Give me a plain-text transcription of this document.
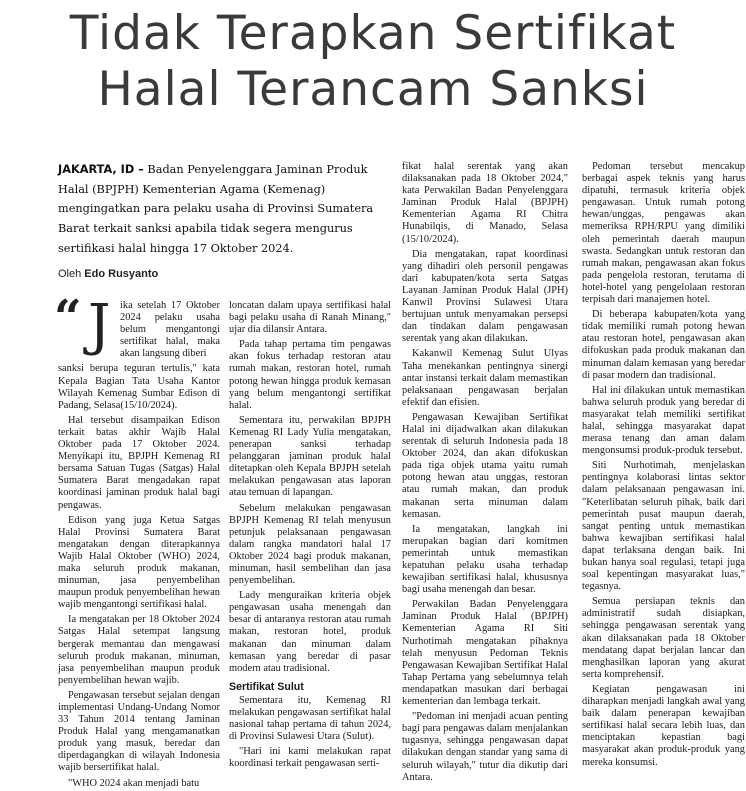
Tidak Terapkan Sertifikat
Halal Terancam Sanksi
JAKARTA, ID – Badan Penyelenggara Jaminan Produk Halal (BPJPH) Kementerian Agama (Kemenag) mengingatkan para pelaku usaha di Provinsi Sumatera Barat terkait sanksi apabila tidak segera mengurus sertifikasi halal hingga 17 Oktober 2024.
Oleh Edo Rusyanto
“ J ika setelah 17 Oktober 2024 pelaku usaha belum mengantongi sertifikat halal, maka akan langsung diberi

sanksi berupa teguran tertulis," kata Kepala Bagian Tata Usaha Kantor Wilayah Kemenag Sumbar Edison di Padang, Selasa(15/10/2024).

Hal tersebut disampaikan Edison terkait batas akhir Wajib Halal Oktober pada 17 Oktober 2024. Menyikapi itu, BPJPH Kemenag RI bersama Satuan Tugas (Satgas) Halal Sumatera Barat mengadakan rapat koordinasi jaminan produk halal bagi pengawas.

Edison yang juga Ketua Satgas Halal Provinsi Sumatera Barat mengatakan dengan diterapkannya Wajib Halal Oktober (WHO) 2024, maka seluruh produk makanan, minuman, jasa penyembelihan maupun produk penyembelihan hewan wajib mengantongi sertifikasi halal.

Ia mengatakan per 18 Oktober 2024 Satgas Halal setempat langsung bergerak memantau dan mengawasi seluruh produk makanan, minuman, jasa penyembelihan maupun produk penyembelihan hewan wajib.

Pengawasan tersebut sejalan dengan implementasi Undang-Undang Nomor 33 Tahun 2014 tentang Jaminan Produk Halal yang mengamanatkan produk yang masuk, beredar dan diperdagangkan di wilayah Indonesia wajib bersertifikat halal.

"WHO 2024 akan menjadi batu

loncatan dalam upaya sertifikasi halal bagi pelaku usaha di Ranah Minang," ujar dia dilansir Antara.

Pada tahap pertama tim pengawas akan fokus terhadap restoran atau rumah makan, restoran hotel, rumah potong hewan hingga produk kemasan yang belum mengantongi sertifikat halal.

Sementara itu, perwakilan BPJPH Kemenag RI Lady Yulia mengatakan, penerapan sanksi terhadap pelanggaran jaminan produk halal ditetapkan oleh Kepala BPJPH setelah melakukan pengawasan atas laporan atau temuan di lapangan.

Sebelum melakukan pengawasan BPJPH Kemenag RI telah menyusun petunjuk pelaksanaan pengawasan dalam rangka mandatori halal 17 Oktober 2024 bagi produk makanan, minuman, hasil sembelihan dan jasa penyembelihan.

Lady menguraikan kriteria objek pengawasan usaha menengah dan besar di antaranya restoran atau rumah makan, restoran hotel, produk makanan dan minuman dalam kemasan yang beredar di pasar modern atau tradisional.

Sertifikat Sulut

Sementara itu, Kemenag RI melakukan pengawasan sertifikat halal nasional tahap pertama di tahun 2024, di Provinsi Sulawesi Utara (Sulut).

"Hari ini kami melakukan rapat koordinasi terkait pengawasan serti-

fikat halal serentak yang akan dilaksanakan pada 18 Oktober 2024," kata Perwakilan Badan Penyelenggara Jaminan Produk Halal (BPJPH) Kementerian Agama RI Chitra Hunabilqis, di Manado, Selasa (15/10/2024).

Dia mengatakan, rapat koordinasi yang dihadiri oleh personil pengawas dari kabupaten/kota serta Satgas Layanan Jaminan Produk Halal (JPH) Kanwil Provinsi Sulawesi Utara bertujuan untuk menyamakan persepsi dan tindakan dalam pengawasan serentak yang akan dilakukan.

Kakanwil Kemenag Sulut Ulyas Taha menekankan pentingnya sinergi antar instansi terkait dalam memastikan pelaksanaan pengawasan berjalan efektif dan efisien.

Pengawasan Kewajiban Sertifikat Halal ini dijadwalkan akan dilakukan serentak di seluruh Indonesia pada 18 Oktober 2024, dan akan difokuskan pada tiga objek utama yaitu rumah potong hewan atau unggas, restoran atau rumah makan, dan produk makanan serta minuman dalam kemasan.

Ia mengatakan, langkah ini merupakan bagian dari komitmen pemerintah untuk memastikan kepatuhan pelaku usaha terhadap kewajiban sertifikasi halal, khususnya bagi usaha menengah dan besar.

Perwakilan Badan Penyelenggara Jaminan Produk Halal (BPJPH) Kementerian Agama RI Siti Nurhotimah mengatakan pihaknya telah menyusun Pedoman Teknis Pengawasan Kewajiban Sertifikat Halal Tahap Pertama yang sebelumnya telah mendapatkan masukan dari berbagai kementerian dan lembaga terkait.

"Pedoman ini menjadi acuan penting bagi para pengawas dalam menjalankan tugasnya, sehingga pengawasan dapat dilakukan dengan standar yang sama di seluruh wilayah," tutur dia dikutip dari Antara.

Pedoman tersebut mencakup berbagai aspek teknis yang harus dipatuhi, termasuk kriteria objek pengawasan. Untuk rumah potong hewan/unggas, pengawas akan memeriksa RPH/RPU yang dimiliki oleh pemerintah daerah maupun swasta. Sedangkan untuk restoran dan rumah makan, pengawasan akan fokus pada pengelola restoran, terutama di hotel-hotel yang pengelolaan restoran terpisah dari manajemen hotel.

Di beberapa kabupaten/kota yang tidak memiliki rumah potong hewan atau restoran hotel, pengawasan akan difokuskan pada produk makanan dan minuman dalam kemasan yang beredar di pasar modern dan tradisional.

Hal ini dilakukan untuk memastikan bahwa seluruh produk yang beredar di masyarakat telah memiliki sertifikat halal, sehingga masyarakat dapat merasa tenang dan aman dalam mengonsumsi produk-produk tersebut.

Siti Nurhotimah, menjelaskan pentingnya kolaborasi lintas sektor dalam pelaksanaan pengawasan ini. "Keterlibatan seluruh pihak, baik dari pemerintah pusat maupun daerah, sangat penting untuk memastikan bahwa kewajiban sertifikasi halal dapat terlaksana dengan baik. Ini bukan hanya soal regulasi, tetapi juga soal kepentingan masyarakat luas," tegasnya.

Semua persiapan teknis dan administratif sudah disiapkan, sehingga pengawasan serentak yang akan dilaksanakan pada 18 Oktober mendatang dapat berjalan lancar dan menghasilkan laporan yang akurat serta komprehensif.

Kegiatan pengawasan ini diharapkan menjadi langkah awal yang baik dalam penerapan kewajiban sertifikasi halal secara lebih luas, dan menciptakan kepastian bagi masyarakat akan produk-produk yang mereka konsumsi.
